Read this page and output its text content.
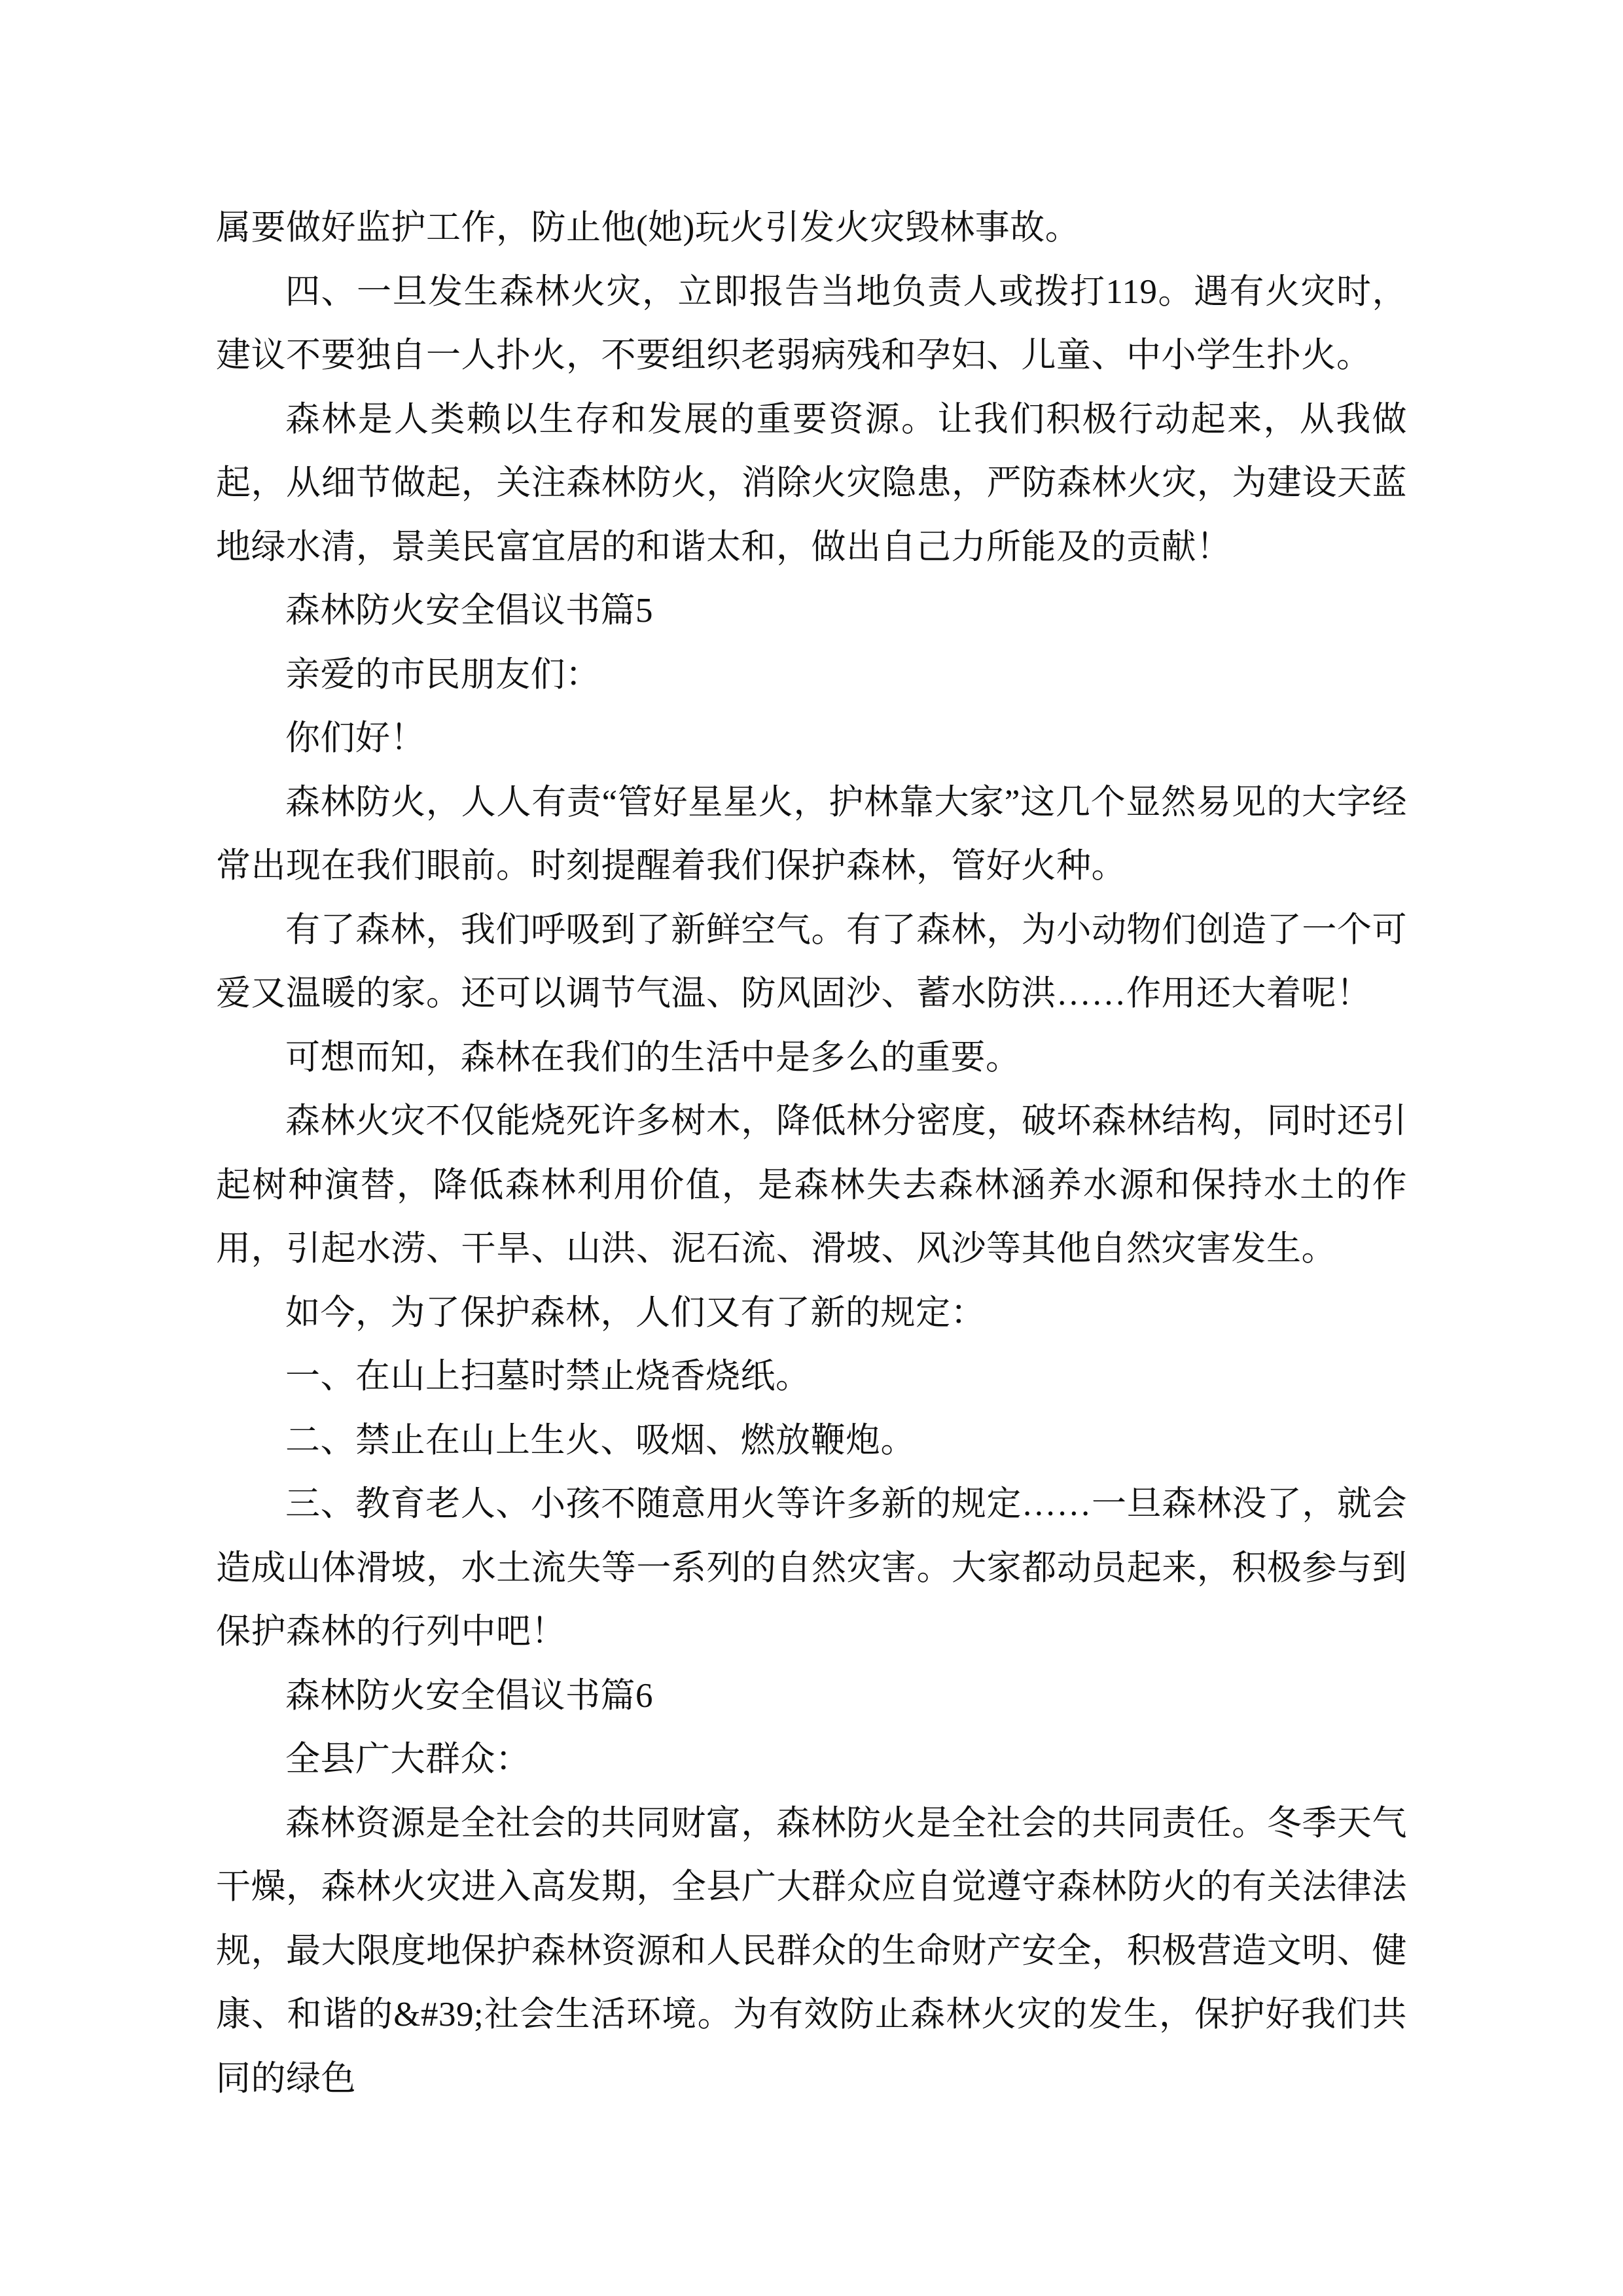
属要做好监护工作，防止他(她)玩火引发火灾毁林事故。

四、一旦发生森林火灾，立即报告当地负责人或拨打119。遇有火灾时，建议不要独自一人扑火，不要组织老弱病残和孕妇、儿童、中小学生扑火。

森林是人类赖以生存和发展的重要资源。让我们积极行动起来，从我做起，从细节做起，关注森林防火，消除火灾隐患，严防森林火灾，为建设天蓝地绿水清，景美民富宜居的和谐太和，做出自己力所能及的贡献！

森林防火安全倡议书篇5

亲爱的市民朋友们：

你们好！

森林防火，人人有责“管好星星火，护林靠大家”这几个显然易见的大字经常出现在我们眼前。时刻提醒着我们保护森林，管好火种。

有了森林，我们呼吸到了新鲜空气。有了森林，为小动物们创造了一个可爱又温暖的家。还可以调节气温、防风固沙、蓄水防洪……作用还大着呢！

可想而知，森林在我们的生活中是多么的重要。

森林火灾不仅能烧死许多树木，降低林分密度，破坏森林结构，同时还引起树种演替，降低森林利用价值，是森林失去森林涵养水源和保持水土的作用，引起水涝、干旱、山洪、泥石流、滑坡、风沙等其他自然灾害发生。

如今，为了保护森林，人们又有了新的规定：

一、在山上扫墓时禁止烧香烧纸。

二、禁止在山上生火、吸烟、燃放鞭炮。

三、教育老人、小孩不随意用火等许多新的规定……一旦森林没了，就会造成山体滑坡，水土流失等一系列的自然灾害。大家都动员起来，积极参与到保护森林的行列中吧！

森林防火安全倡议书篇6

全县广大群众：

森林资源是全社会的共同财富，森林防火是全社会的共同责任。冬季天气干燥，森林火灾进入高发期，全县广大群众应自觉遵守森林防火的有关法律法规，最大限度地保护森林资源和人民群众的生命财产安全，积极营造文明、健康、和谐的&#39;社会生活环境。为有效防止森林火灾的发生，保护好我们共同的绿色
